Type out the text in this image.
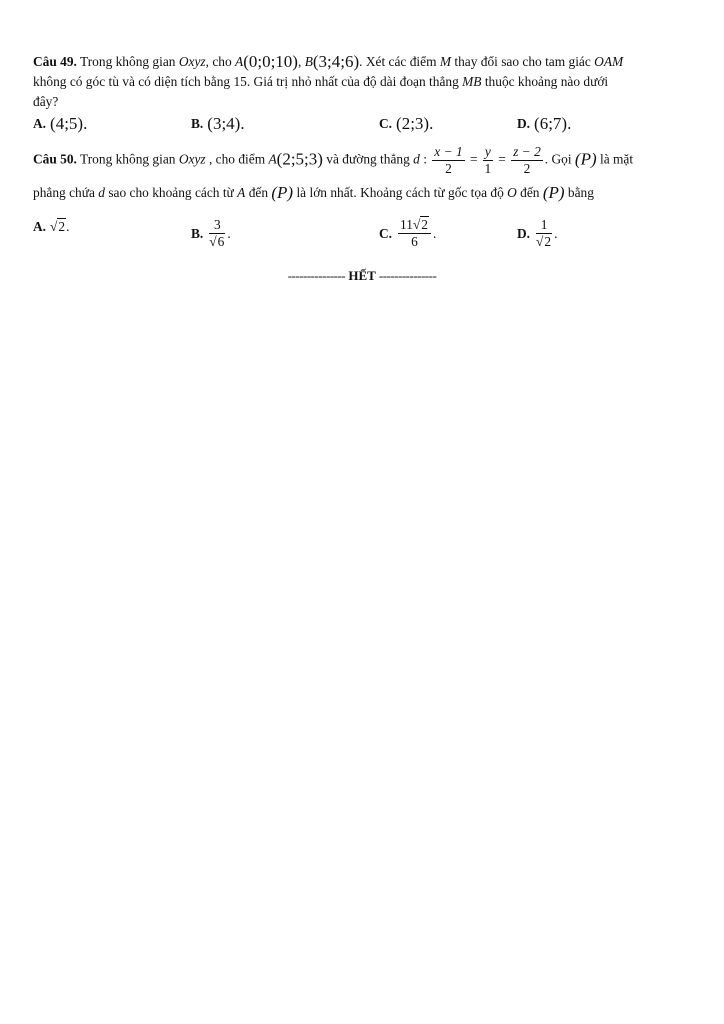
Câu 49. Trong không gian Oxyz, cho A(0;0;10), B(3;4;6). Xét các điểm M thay đổi sao cho tam giác OAM
không có góc tù và có diện tích bằng 15. Giá trị nhỏ nhất của độ dài đoạn thẳng MB thuộc khoảng nào dưới
đây?
A. (4;5).	B. (3;4).	C. (2;3).	D. (6;7).
Câu 50. Trong không gian Oxyz , cho điểm A(2;5;3) và đường thẳng d : $\frac{x - 1}{2} = \frac{y}{1} = \frac{z - 2}{2}$ . Gọi (P) là mặt
phẳng chứa d sao cho khoảng cách từ A đến (P) là lớn nhất. Khoảng cách từ gốc tọa độ O đến (P) bằng
A. √2 .	B. $\frac{3}{√6}$ .	C. $\frac{11√2}{6}$ .	D. $\frac{1}{√2}$ .
--------------- HẾT ---------------
